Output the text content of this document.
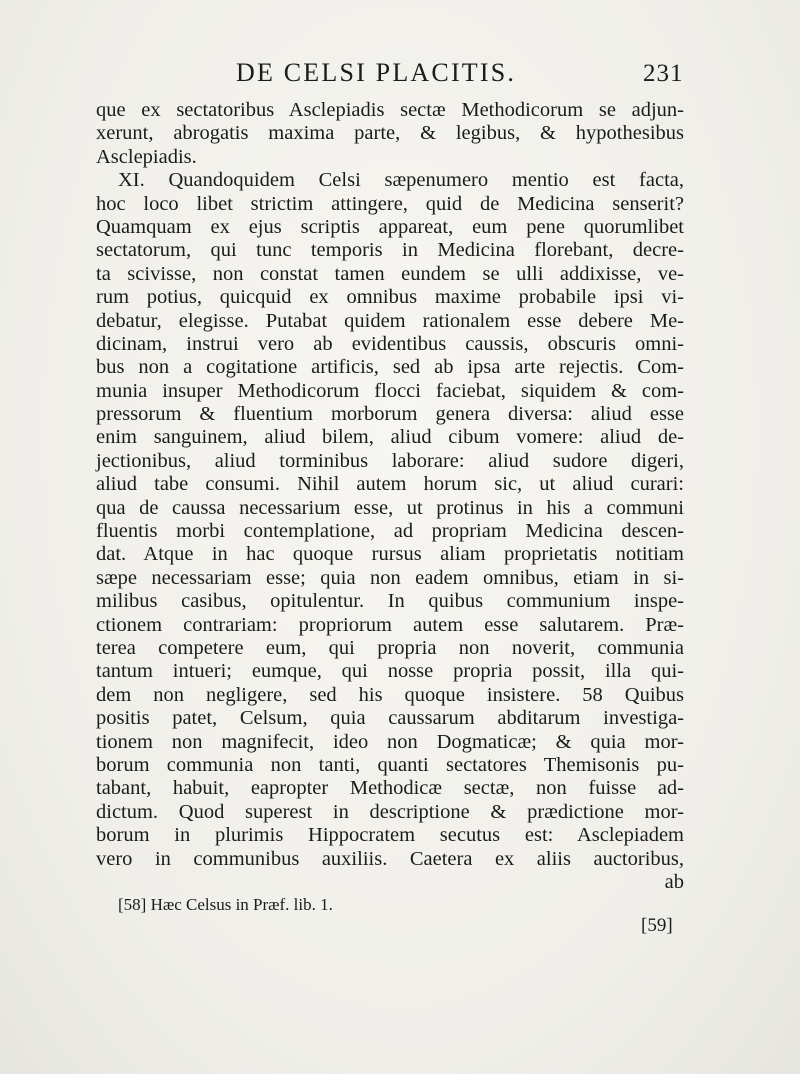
DE CELSI PLACITIS.	231
que ex sectatoribus Asclepiadis sectæ Methodicorum se adjun-
xerunt, abrogatis maxima parte, & legibus, & hypothesibus
Asclepiadis.
XI. Quandoquidem Celsi sæpenumero mentio est facta,
hoc loco libet strictim attingere, quid de Medicina senserit?
Quamquam ex ejus scriptis appareat, eum pene quorumlibet
sectatorum, qui tunc temporis in Medicina florebant, decre-
ta scivisse, non constat tamen eundem se ulli addixisse, ve-
rum potius, quicquid ex omnibus maxime probabile ipsi vi-
debatur, elegisse. Putabat quidem rationalem esse debere Me-
dicinam, instrui vero ab evidentibus caussis, obscuris omni-
bus non a cogitatione artificis, sed ab ipsa arte rejectis. Com-
munia insuper Methodicorum flocci faciebat, siquidem & com-
pressorum & fluentium morborum genera diversa: aliud esse
enim sanguinem, aliud bilem, aliud cibum vomere: aliud de-
jectionibus, aliud torminibus laborare: aliud sudore digeri,
aliud tabe consumi. Nihil autem horum sic, ut aliud curari:
qua de caussa necessarium esse, ut protinus in his a communi
fluentis morbi contemplatione, ad propriam Medicina descen-
dat. Atque in hac quoque rursus aliam proprietatis notitiam
sæpe necessariam esse; quia non eadem omnibus, etiam in si-
milibus casibus, opitulentur. In quibus communium inspe-
ctionem contrariam: propriorum autem esse salutarem. Præ-
terea competere eum, qui propria non noverit, communia
tantum intueri; eumque, qui nosse propria possit, illa qui-
dem non negligere, sed his quoque insistere. 58 Quibus
positis patet, Celsum, quia caussarum abditarum investiga-
tionem non magnifecit, ideo non Dogmaticæ; & quia mor-
borum communia non tanti, quanti sectatores Themisonis pu-
tabant, habuit, eapropter Methodicæ sectæ, non fuisse ad-
dictum. Quod superest in descriptione & prædictione mor-
borum in plurimis Hippocratem secutus est: Asclepiadem
vero in communibus auxiliis. Caetera ex aliis auctoribus,
ab
[58] Hæc Celsus in Præf. lib. 1.
[59]
